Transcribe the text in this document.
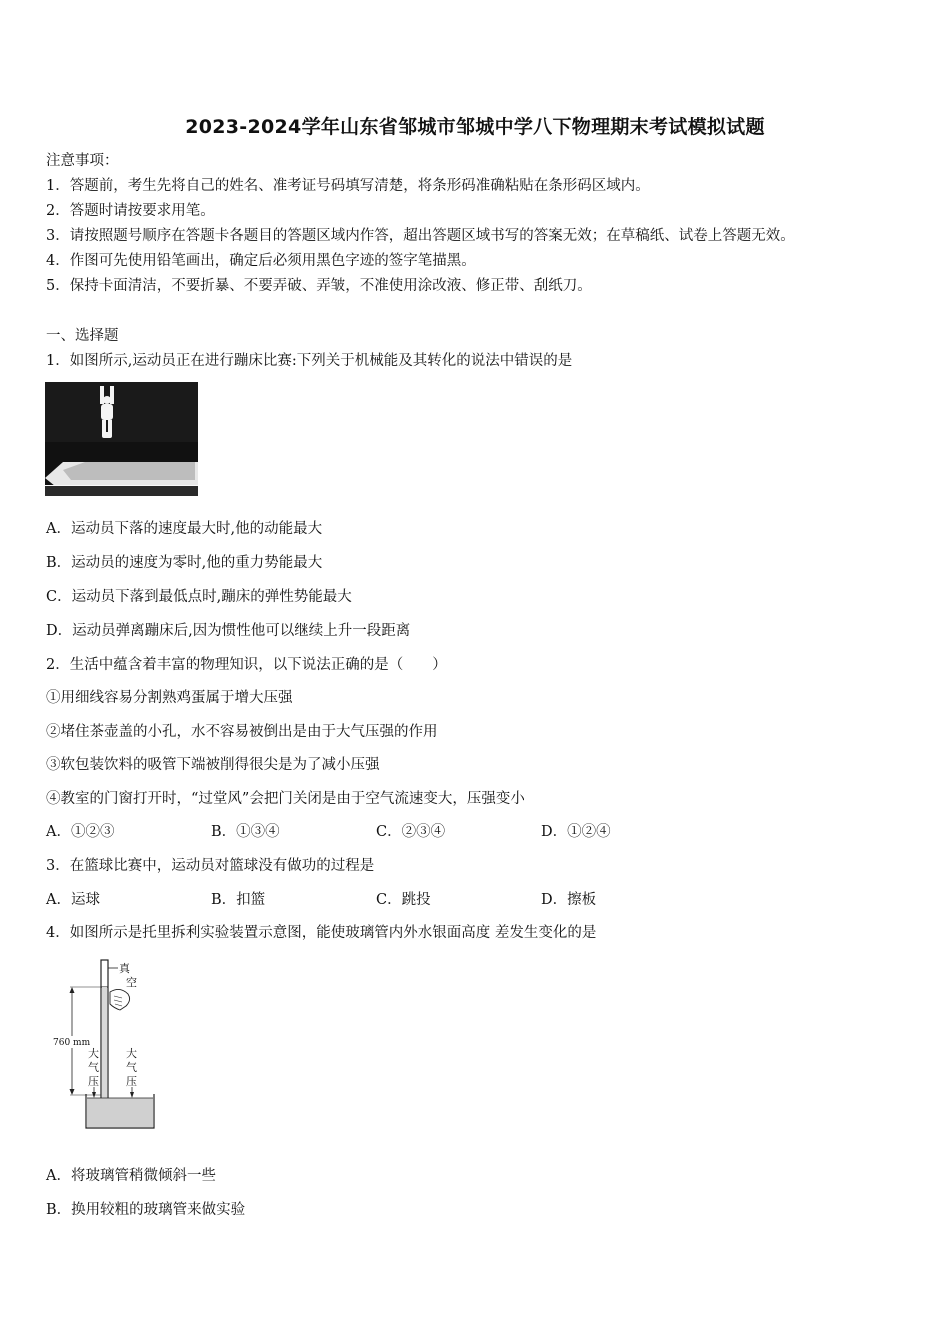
2023-2024学年山东省邹城市邹城中学八下物理期末考试模拟试题
注意事项：
1．答题前，考生先将自己的姓名、准考证号码填写清楚，将条形码准确粘贴在条形码区域内。
2．答题时请按要求用笔。
3．请按照题号顺序在答题卡各题目的答题区域内作答，超出答题区域书写的答案无效；在草稿纸、试卷上答题无效。
4．作图可先使用铅笔画出，确定后必须用黑色字迹的签字笔描黑。
5．保持卡面清洁，不要折暴、不要弄破、弄皱，不准使用涂改液、修正带、刮纸刀。
一、选择题
1．如图所示,运动员正在进行蹦床比赛:下列关于机械能及其转化的说法中错误的是
A．运动员下落的速度最大时,他的动能最大
B．运动员的速度为零时,他的重力势能最大
C．运动员下落到最低点时,蹦床的弹性势能最大
D．运动员弹离蹦床后,因为惯性他可以继续上升一段距离
2．生活中蕴含着丰富的物理知识，以下说法正确的是（　　）
①用细线容易分割熟鸡蛋属于增大压强
②堵住茶壶盖的小孔，水不容易被倒出是由于大气压强的作用
③软包装饮料的吸管下端被削得很尖是为了减小压强
④教室的门窗打开时，“过堂风”会把门关闭是由于空气流速变大，压强变小
A．①②③	B．①③④	C．②③④	D．①②④
3．在篮球比赛中，运动员对篮球没有做功的过程是
A．运球	B．扣篮	C．跳投	D．擦板
4．如图所示是托里拆利实验装置示意图，能使玻璃管内外水银面高度 差发生变化的是
真
空
760 mm
大
气
压
大
气
压
A．将玻璃管稍微倾斜一些
B．换用较粗的玻璃管来做实验
